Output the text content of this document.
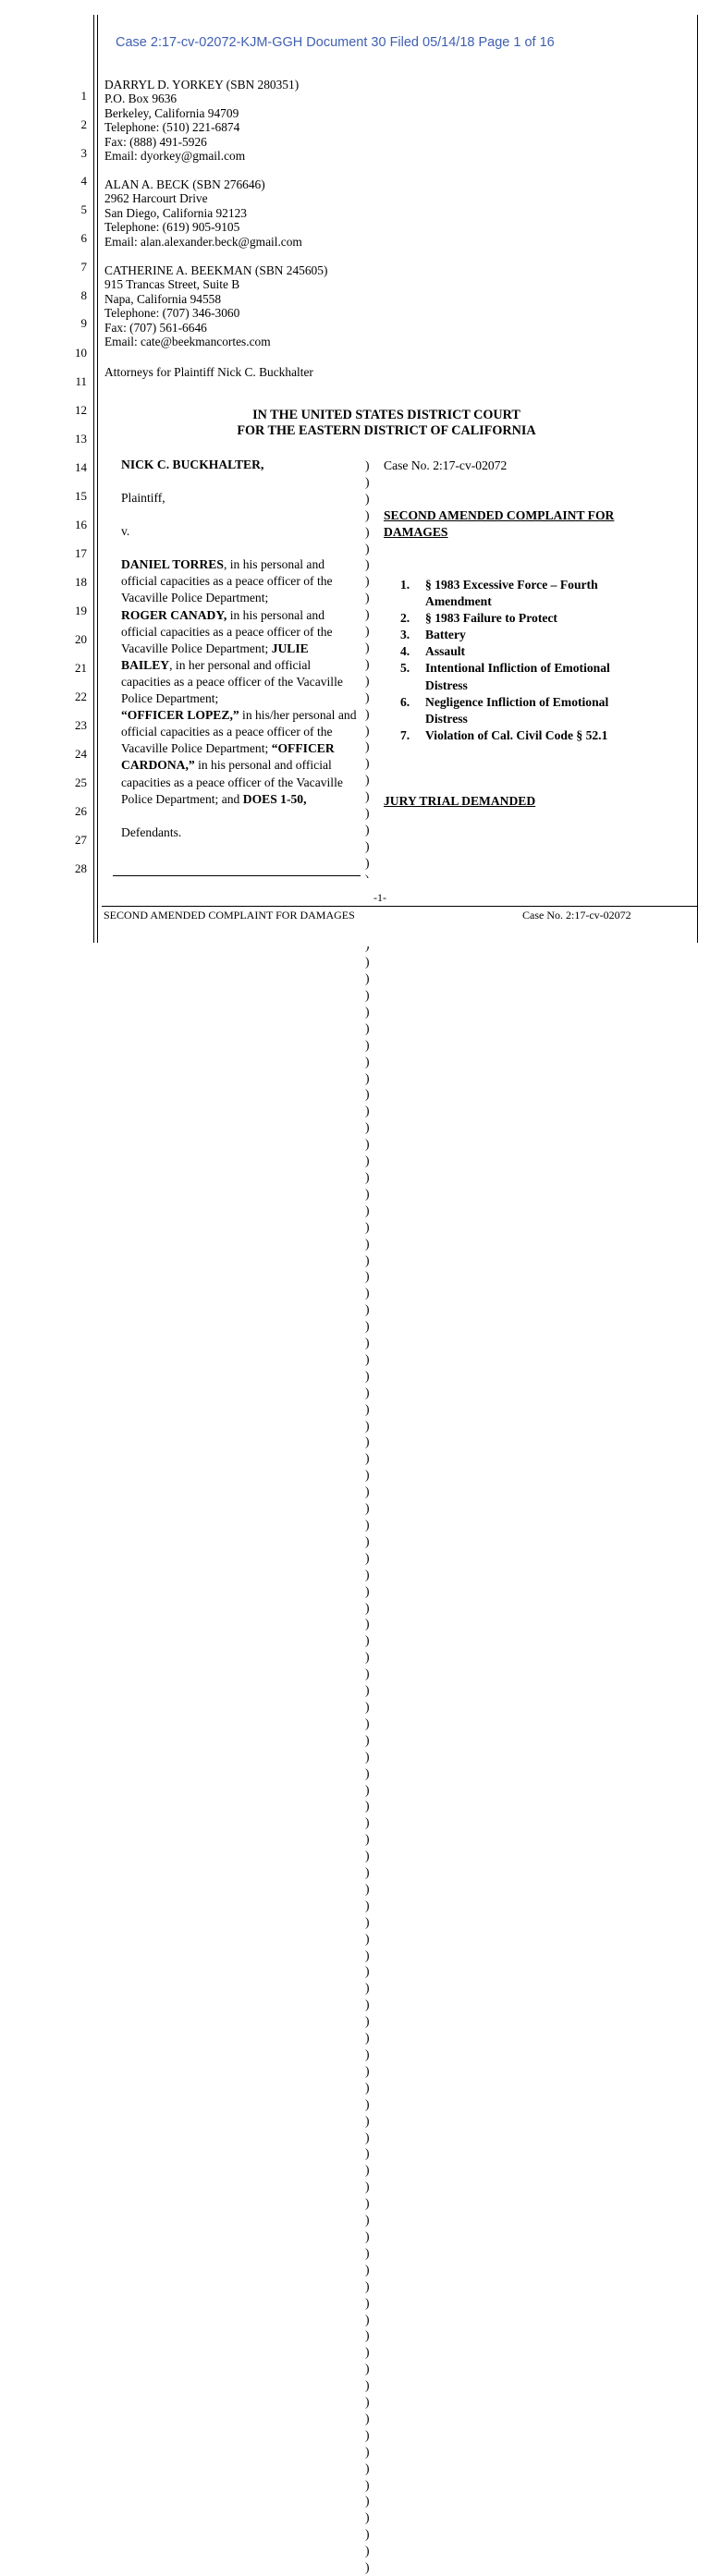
Case 2:17-cv-02072-KJM-GGH Document 30 Filed 05/14/18 Page 1 of 16
1
2
3
4
5
6
7
8
9
10
11
12
13
14
15
16
17
18
19
20
21
22
23
24
25
26
27
28
DARRYL D. YORKEY (SBN 280351)
P.O. Box 9636
Berkeley, California 94709
Telephone: (510) 221-6874
Fax: (888) 491-5926
Email: dyorkey@gmail.com
ALAN A. BECK (SBN 276646)
2962 Harcourt Drive
San Diego, California 92123
Telephone: (619) 905-9105
Email: alan.alexander.beck@gmail.com
CATHERINE A. BEEKMAN (SBN 245605)
915 Trancas Street, Suite B
Napa, California 94558
Telephone: (707) 346-3060
Fax: (707) 561-6646
Email: cate@beekmancortes.com
Attorneys for Plaintiff Nick C. Buckhalter
IN THE UNITED STATES DISTRICT COURT
FOR THE EASTERN DISTRICT OF CALIFORNIA

NICK C. BUCKHALTER,

Plaintiff,

v.

DANIEL TORRES, in his personal and official capacities as a peace officer of the Vacaville Police Department;
ROGER CANADY, in his personal and official capacities as a peace officer of the Vacaville Police Department; JULIE BAILEY, in her personal and official capacities as a peace officer of the Vacaville Police Department;
“OFFICER LOPEZ,” in his/her personal and official capacities as a peace officer of the Vacaville Police Department; “OFFICER CARDONA,” in his personal and official capacities as a peace officer of the Vacaville Police Department; and DOES 1-50,

Defendants.

)
)
)
)
)
)
)
)
)
)
)
)
)
)
)
)
)
)
)
)
)
)
)
)
)

)
)
)
)
)
)
)
)
)
)
)
)
)
)
)
)
)
)
)
)
)
)
)
)
)
)
)
)
)
)
)
)
)
)
)
)
)
)
)
)
)
)
)
)
)
)
)
)
)
)
)
)
)
)
)
)
)
)
)
)
)
)
)
)
)
)
)
)
)
)
)
)
)
)
)
)
)
)
)
)
)
)
)
)
)
)
)
)
)
)
)
)
)
)
)
)
)
)
Case No. 2:17-cv-02072
SECOND AMENDED COMPLAINT FOR
DAMAGES
1.	§ 1983 Excessive Force – Fourth Amendment
2.	§ 1983 Failure to Protect
3.	Battery
4.	Assault
5.	Intentional Infliction of Emotional Distress
6.	Negligence Infliction of Emotional Distress
7.	Violation of Cal. Civil Code § 52.1
JURY TRIAL DEMANDED
-1-
SECOND AMENDED COMPLAINT FOR DAMAGES	Case No. 2:17-cv-02072
